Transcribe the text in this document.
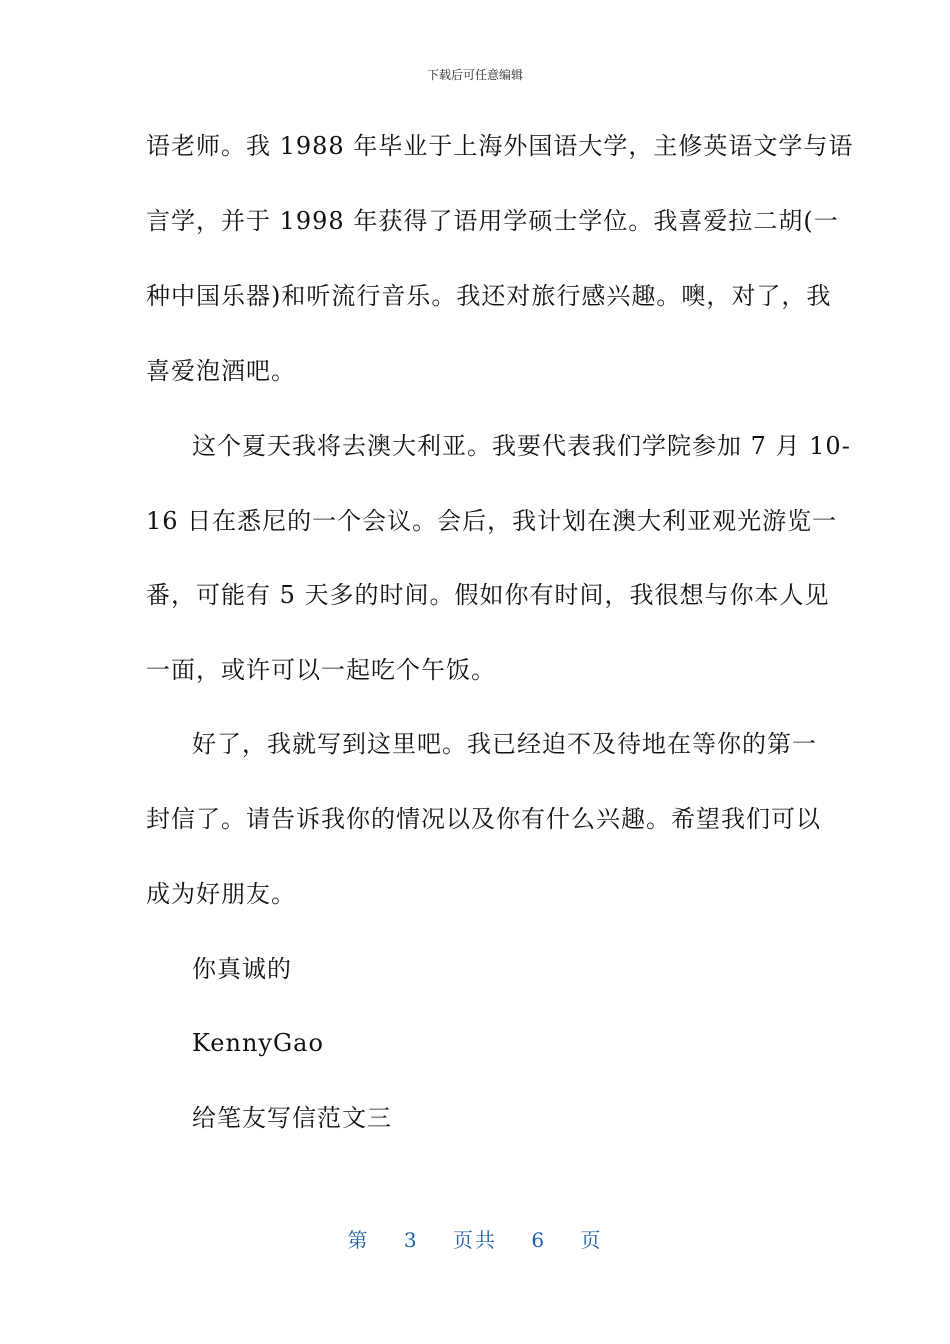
下载后可任意编辑
语老师。我 1988 年毕业于上海外国语大学，主修英语文学与语
言学，并于 1998 年获得了语用学硕士学位。我喜爱拉二胡(一
种中国乐器)和听流行音乐。我还对旅行感兴趣。噢，对了，我
喜爱泡酒吧。
这个夏天我将去澳大利亚。我要代表我们学院参加 7 月 10-
16 日在悉尼的一个会议。会后，我计划在澳大利亚观光游览一
番，可能有 5 天多的时间。假如你有时间，我很想与你本人见
一面，或许可以一起吃个午饭。
好了，我就写到这里吧。我已经迫不及待地在等你的第一
封信了。请告诉我你的情况以及你有什么兴趣。希望我们可以
成为好朋友。
你真诚的
KennyGao
给笔友写信范文三
第 3 页共 6 页
